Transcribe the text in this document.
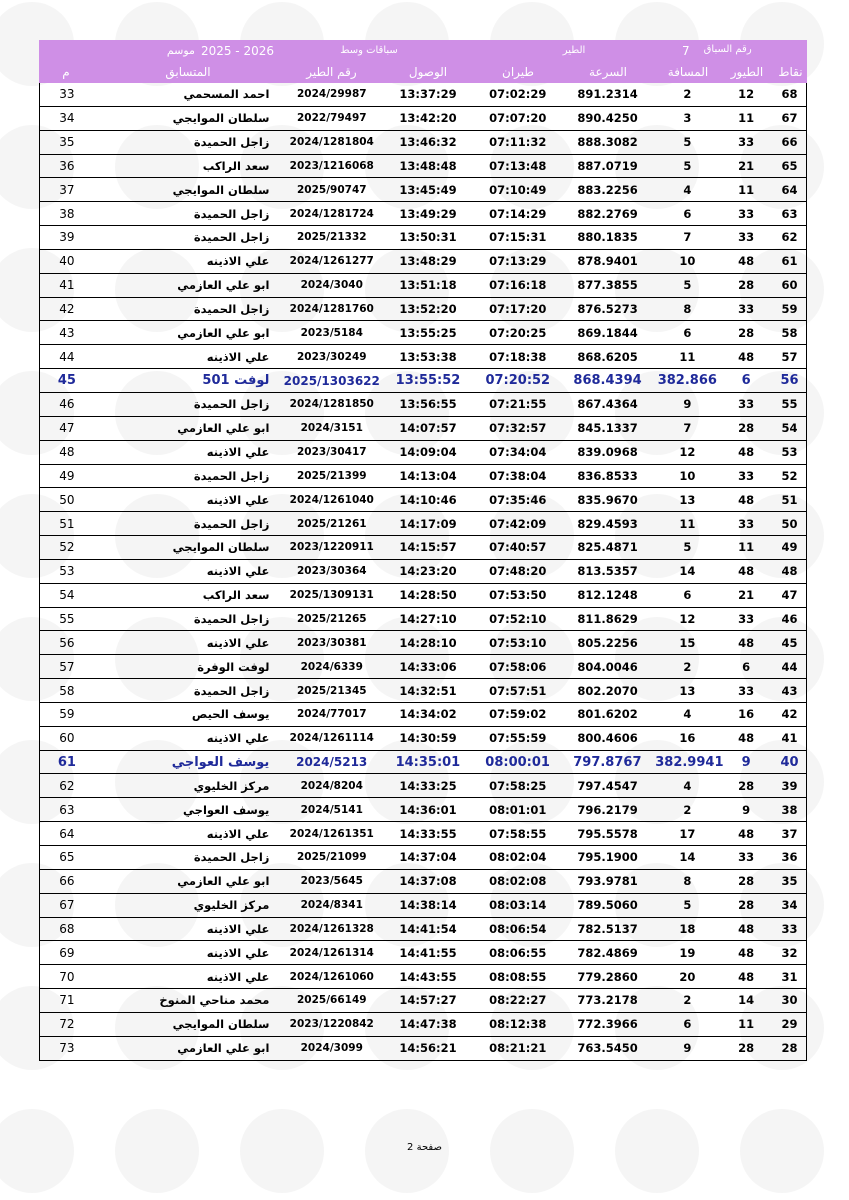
موسم 2025 - 2026	سباقات وسط	الطير	7 رقم السباق
م	المتسابق	رقم الطير	الوصول	طيران	السرعة	المسافة	الطيور	نقاط
33	احمد المسحمي	2024/29987	13:37:29	07:02:29	891.2314	2	12	68
34	سلطان الموايجي	2022/79497	13:42:20	07:07:20	890.4250	3	11	67
35	زاجل الحميدة	2024/1281804	13:46:32	07:11:32	888.3082	5	33	66
36	سعد الراكب	2023/1216068	13:48:48	07:13:48	887.0719	5	21	65
37	سلطان الموايجي	2025/90747	13:45:49	07:10:49	883.2256	4	11	64
38	زاجل الحميدة	2024/1281724	13:49:29	07:14:29	882.2769	6	33	63
39	زاجل الحميدة	2025/21332	13:50:31	07:15:31	880.1835	7	33	62
40	علي الاذينه	2024/1261277	13:48:29	07:13:29	878.9401	10	48	61
41	ابو علي العازمي	2024/3040	13:51:18	07:16:18	877.3855	5	28	60
42	زاجل الحميدة	2024/1281760	13:52:20	07:17:20	876.5273	8	33	59
43	ابو علي العازمي	2023/5184	13:55:25	07:20:25	869.1844	6	28	58
44	علي الاذينه	2023/30249	13:53:38	07:18:38	868.6205	11	48	57
45	لوفت 501	2025/1303622	13:55:52	07:20:52	868.4394	382.866	6	56
46	زاجل الحميدة	2024/1281850	13:56:55	07:21:55	867.4364	9	33	55
47	ابو علي العازمي	2024/3151	14:07:57	07:32:57	845.1337	7	28	54
48	علي الاذينه	2023/30417	14:09:04	07:34:04	839.0968	12	48	53
49	زاجل الحميدة	2025/21399	14:13:04	07:38:04	836.8533	10	33	52
50	علي الاذينه	2024/1261040	14:10:46	07:35:46	835.9670	13	48	51
51	زاجل الحميدة	2025/21261	14:17:09	07:42:09	829.4593	11	33	50
52	سلطان الموايجي	2023/1220911	14:15:57	07:40:57	825.4871	5	11	49
53	علي الاذينه	2023/30364	14:23:20	07:48:20	813.5357	14	48	48
54	سعد الراكب	2025/1309131	14:28:50	07:53:50	812.1248	6	21	47
55	زاجل الحميدة	2025/21265	14:27:10	07:52:10	811.8629	12	33	46
56	علي الاذينه	2023/30381	14:28:10	07:53:10	805.2256	15	48	45
57	لوفت الوفرة	2024/6339	14:33:06	07:58:06	804.0046	2	6	44
58	زاجل الحميدة	2025/21345	14:32:51	07:57:51	802.2070	13	33	43
59	يوسف الحيص	2024/77017	14:34:02	07:59:02	801.6202	4	16	42
60	علي الاذينه	2024/1261114	14:30:59	07:55:59	800.4606	16	48	41
61	يوسف العواجي	2024/5213	14:35:01	08:00:01	797.8767	382.9941	9	40
62	مركز الخليوي	2024/8204	14:33:25	07:58:25	797.4547	4	28	39
63	يوسف العواجي	2024/5141	14:36:01	08:01:01	796.2179	2	9	38
64	علي الاذينه	2024/1261351	14:33:55	07:58:55	795.5578	17	48	37
65	زاجل الحميدة	2025/21099	14:37:04	08:02:04	795.1900	14	33	36
66	ابو علي العازمي	2023/5645	14:37:08	08:02:08	793.9781	8	28	35
67	مركز الخليوي	2024/8341	14:38:14	08:03:14	789.5060	5	28	34
68	علي الاذينه	2024/1261328	14:41:54	08:06:54	782.5137	18	48	33
69	علي الاذينه	2024/1261314	14:41:55	08:06:55	782.4869	19	48	32
70	علي الاذينه	2024/1261060	14:43:55	08:08:55	779.2860	20	48	31
71	محمد مناحي المنوخ	2025/66149	14:57:27	08:22:27	773.2178	2	14	30
72	سلطان الموايجي	2023/1220842	14:47:38	08:12:38	772.3966	6	11	29
73	ابو علي العازمي	2024/3099	14:56:21	08:21:21	763.5450	9	28	28
صفحة 2
